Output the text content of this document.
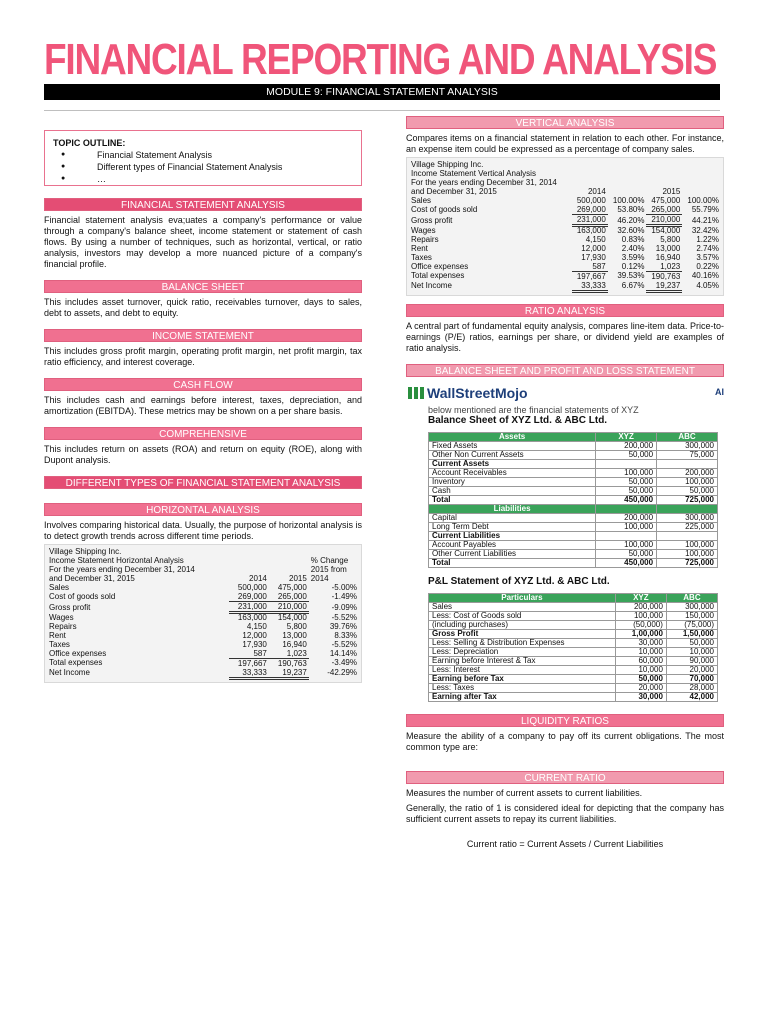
FINANCIAL REPORTING AND ANALYSIS
MODULE 9: FINANCIAL STATEMENT ANALYSIS
TOPIC OUTLINE:
● Financial Statement Analysis
● Different types of Financial Statement Analysis
● …
FINANCIAL STATEMENT ANALYSIS

Financial statement analysis eva;uates a company's performance or value through a company's balance sheet, income statement or statement of cash flows. By using a number of techniques, such as horizontal, vertical, or ratio analysis, investors may develop a more nuanced picture of a company's financial profile.

BALANCE SHEET

This includes asset turnover, quick ratio, receivables turnover, days to sales, debt to assets, and debt to equity.

INCOME STATEMENT

This includes gross profit margin, operating profit margin, net profit margin, tax ratio efficiency, and interest coverage.

CASH FLOW

This includes cash and earnings before interest, taxes, depreciation, and amortization (EBITDA). These metrics may be shown on a per share basis.

COMPREHENSIVE

This includes return on assets (ROA) and return on equity (ROE), along with Dupont analysis.

DIFFERENT TYPES OF FINANCIAL STATEMENT ANALYSIS
HORIZONTAL ANALYSIS

Involves comparing historical data. Usually, the purpose of horizontal analysis is to detect growth trends across different time periods.

Village Shipping Inc.			
Income Statement Horizontal Analysis			% Change
For the years ending December 31, 2014			2015 from
and December 31, 2015	2014	2015	2014

Sales	500,000	475,000	-5.00%
Cost of goods sold	269,000	265,000	-1.49%
Gross profit	231,000	210,000	-9.09%

Wages	163,000	154,000	-5.52%
Repairs	4,150	5,800	39.76%
Rent	12,000	13,000	8.33%
Taxes	17,930	16,940	-5.52%
Office expenses	587	1,023	14.14%
Total expenses	197,667	190,763	-3.49%
Net Income	33,333	19,237	-42.29%
VERTICAL ANALYSIS

Compares items on a financial statement in relation to each other. For instance, an expense item could be expressed as a percentage of company sales.

Village Shipping Inc.				
Income Statement Vertical Analysis				
For the years ending December 31, 2014				
and December 31, 2015	2014		2015	

Sales	500,000	100.00%	475,000	100.00%
Cost of goods sold	269,000	53.80%	265,000	55.79%
Gross profit	231,000	46.20%	210,000	44.21%

Wages	163,000	32.60%	154,000	32.42%
Repairs	4,150	0.83%	5,800	1.22%
Rent	12,000	2.40%	13,000	2.74%
Taxes	17,930	3.59%	16,940	3.57%
Office expenses	587	0.12%	1,023	0.22%
Total expenses	197,667	39.53%	190,763	40.16%
Net Income	33,333	6.67%	19,237	4.05%
RATIO ANALYSIS

A central part of fundamental equity analysis, compares line-item data. Price-to-earnings (P/E) ratios, earnings per share, or dividend yield are examples of ratio analysis.

BALANCE SHEET AND PROFIT AND LOSS STATEMENT
WallStreetMojo	AI
below mentioned are the financial statements of XYZ
Balance Sheet of XYZ Ltd. & ABC Ltd.
Assets	XYZ	ABC
Fixed Assets	200,000	300,000
Other Non Current Assets	50,000	75,000
Current Assets		
Account Receivables	100,000	200,000
Inventory	50,000	100,000
Cash	50,000	50,000
Total	450,000	725,000
Liabilities		
Capital	200,000	300,000
Long Term Debt	100,000	225,000
Current Liabilities		
Account Payables	100,000	100,000
Other Current Liabilities	50,000	100,000
Total	450,000	725,000
P&L Statement of XYZ Ltd. & ABC Ltd.
Particulars	XYZ	ABC
Sales	200,000	300,000
Less: Cost of Goods sold	100,000	150,000
(including purchases)	(50,000)	(75,000)
Gross Profit	1,00,000	1,50,000
Less: Selling & Distribution Expenses	30,000	50,000
Less: Depreciation	10,000	10,000
Earning before Interest & Tax	60,000	90,000
Less: Interest	10,000	20,000
Earning before Tax	50,000	70,000
Less: Taxes	20,000	28,000
Earning after Tax	30,000	42,000
LIQUIDITY RATIOS

Measure the ability of a company to pay off its current obligations. The most common type are:

CURRENT RATIO

Measures the number of current assets to current liabilities.

Generally, the ratio of 1 is considered ideal for depicting that the company has sufficient current assets to repay its current liabilities.

Current ratio = Current Assets / Current Liabilities
